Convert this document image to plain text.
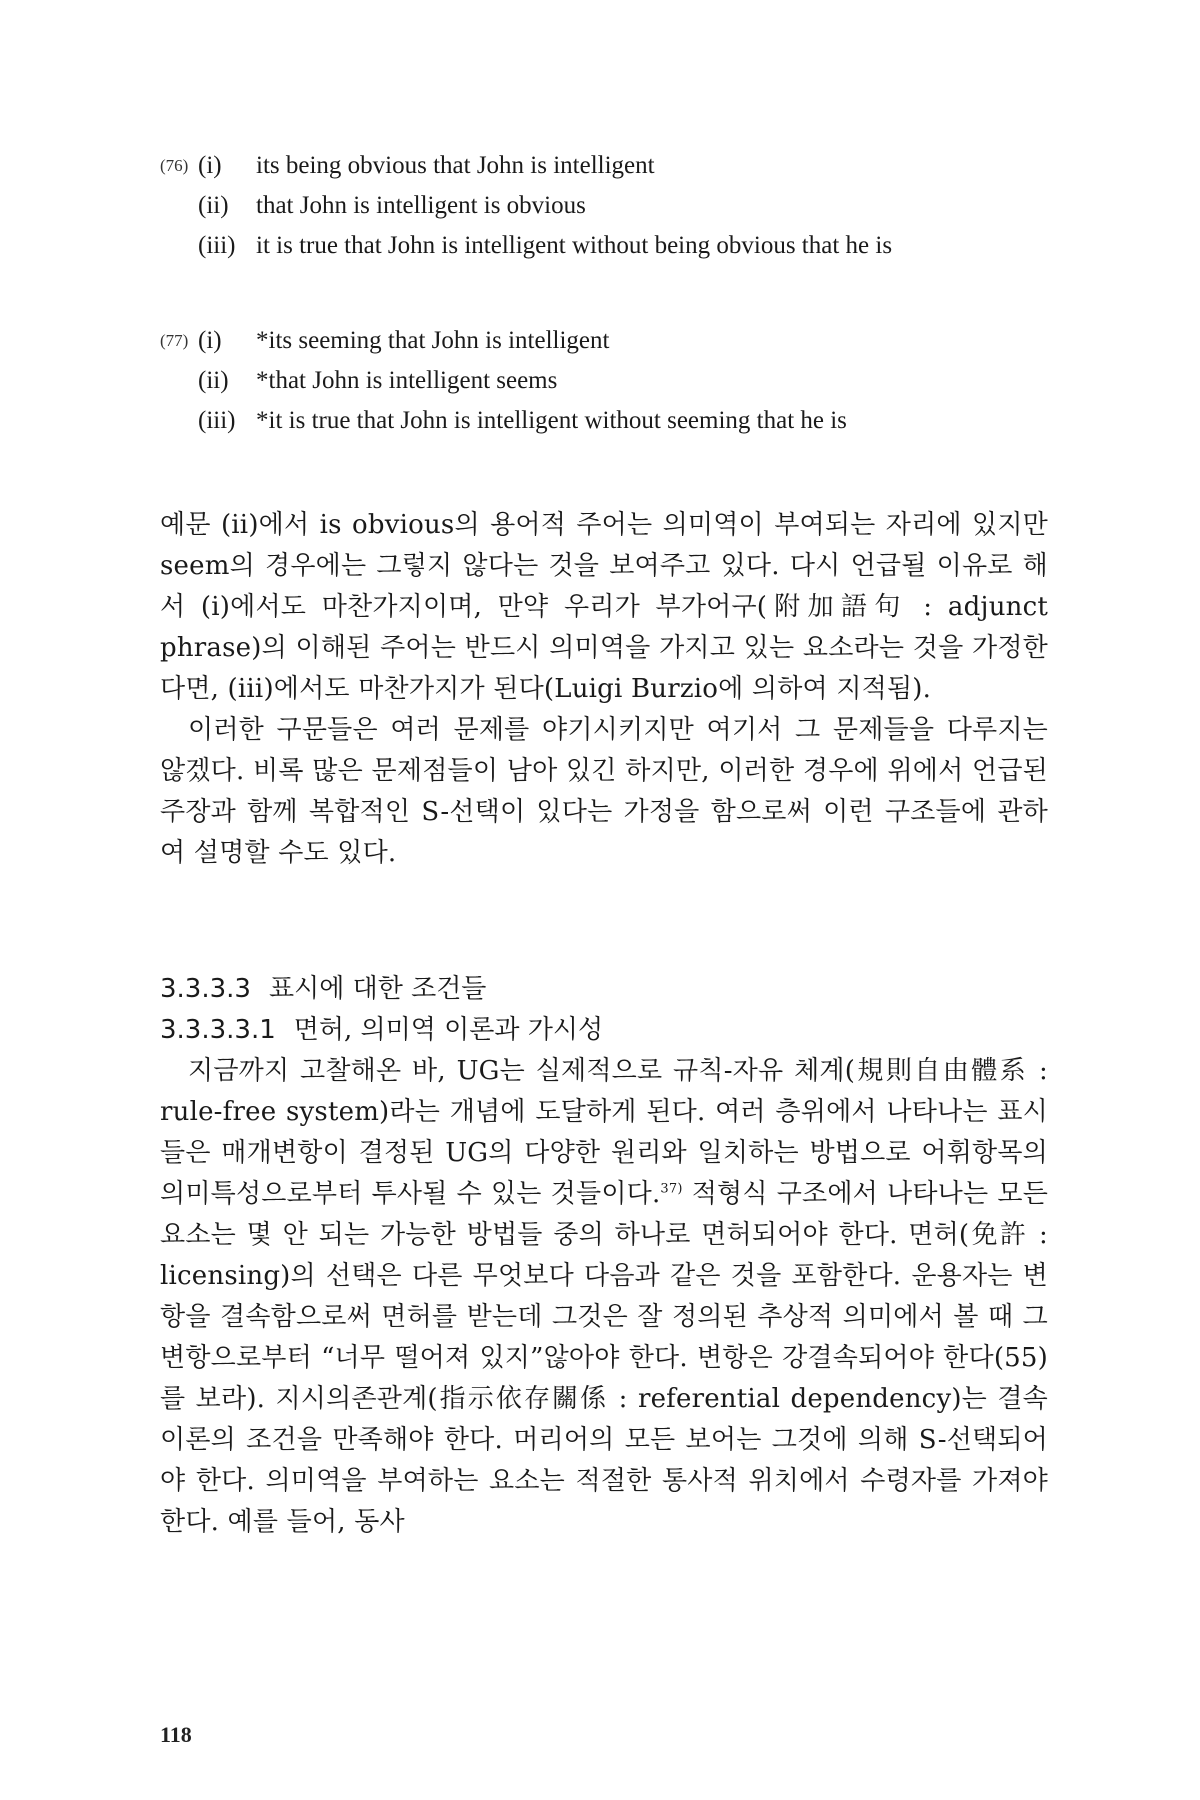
(76) (i)	its being obvious that John is intelligent
(ii)	that John is intelligent is obvious
(iii) it is true that John is intelligent without being obvious that he is
(77) (i)	*its seeming that John is intelligent
(ii)	*that John is intelligent seems
(iii) *it is true that John is intelligent without seeming that he is

예문 (ii)에서 is obvious의 용어적 주어는 의미역이 부여되는 자리에 있지만 seem의 경우에는 그렇지 않다는 것을 보여주고 있다. 다시 언급될 이유로 해서 (i)에서도 마찬가지이며, 만약 우리가 부가어구(附加語句 : adjunct phrase)의 이해된 주어는 반드시 의미역을 가지고 있는 요소라는 것을 가정한다면, (iii)에서도 마찬가지가 된다(Luigi Burzio에 의하여 지적됨).

이러한 구문들은 여러 문제를 야기시키지만 여기서 그 문제들을 다루지는 않겠다. 비록 많은 문제점들이 남아 있긴 하지만, 이러한 경우에 위에서 언급된 주장과 함께 복합적인 S-선택이 있다는 가정을 함으로써 이런 구조들에 관하여 설명할 수도 있다.

3.3.3.3 표시에 대한 조건들
3.3.3.3.1 면허, 의미역 이론과 가시성

지금까지 고찰해온 바, UG는 실제적으로 규칙-자유 체계(規則自由體系 : rule-free system)라는 개념에 도달하게 된다. 여러 층위에서 나타나는 표시들은 매개변항이 결정된 UG의 다양한 원리와 일치하는 방법으로 어휘항목의 의미특성으로부터 투사될 수 있는 것들이다.$^{37)}$ 적형식 구조에서 나타나는 모든 요소는 몇 안 되는 가능한 방법들 중의 하나로 면허되어야 한다. 면허(免許 : licensing)의 선택은 다른 무엇보다 다음과 같은 것을 포함한다. 운용자는 변항을 결속함으로써 면허를 받는데 그것은 잘 정의된 추상적 의미에서 볼 때 그 변항으로부터 “너무 떨어져 있지”않아야 한다. 변항은 강결속되어야 한다(55)를 보라). 지시의존관계(指示依存關係 : referential dependency)는 결속이론의 조건을 만족해야 한다. 머리어의 모든 보어는 그것에 의해 S-선택되어야 한다. 의미역을 부여하는 요소는 적절한 통사적 위치에서 수령자를 가져야 한다. 예를 들어, 동사

118
